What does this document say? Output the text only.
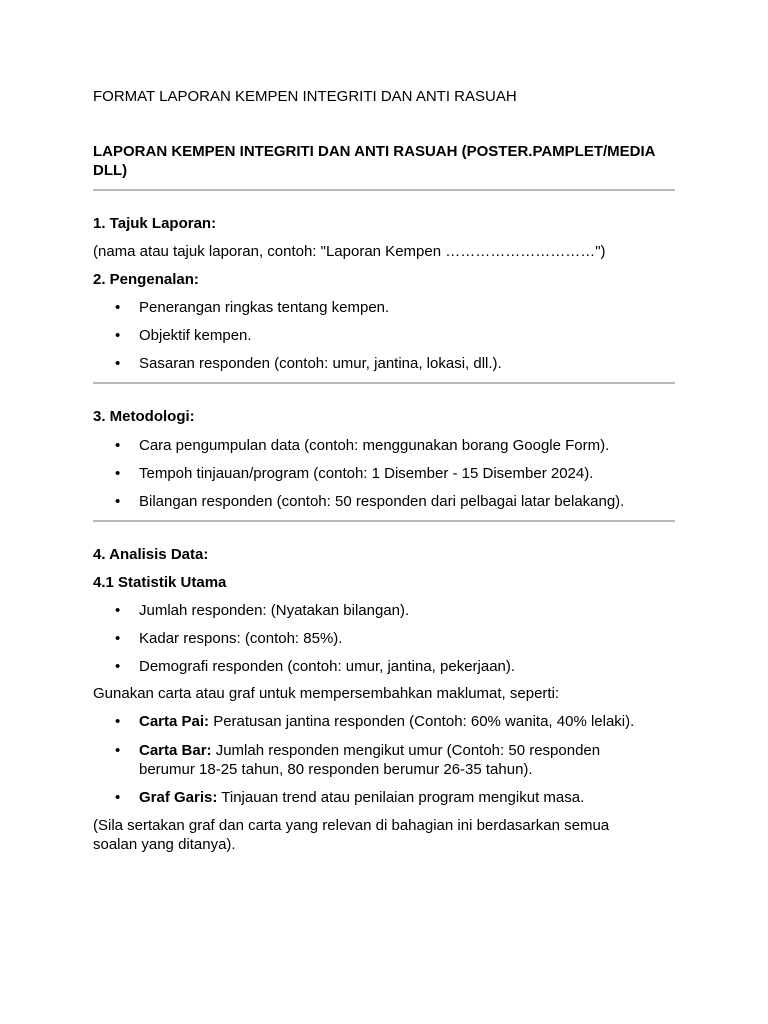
FORMAT LAPORAN KEMPEN INTEGRITI DAN ANTI RASUAH
LAPORAN KEMPEN INTEGRITI DAN ANTI RASUAH (POSTER.PAMPLET/MEDIA DLL)
1. Tajuk Laporan:
(nama atau tajuk laporan, contoh: "Laporan Kempen …………………………")
2. Pengenalan:
•	Penerangan ringkas tentang kempen.
•	Objektif kempen.
•	Sasaran responden (contoh: umur, jantina, lokasi, dll.).
3. Metodologi:
•	Cara pengumpulan data (contoh: menggunakan borang Google Form).
•	Tempoh tinjauan/program (contoh: 1 Disember - 15 Disember 2024).
•	Bilangan responden (contoh: 50 responden dari pelbagai latar belakang).
4. Analisis Data:
4.1 Statistik Utama
•	Jumlah responden: (Nyatakan bilangan).
•	Kadar respons: (contoh: 85%).
•	Demografi responden (contoh: umur, jantina, pekerjaan).
Gunakan carta atau graf untuk mempersembahkan maklumat, seperti:
•	Carta Pai: Peratusan jantina responden (Contoh: 60% wanita, 40% lelaki).
•	Carta Bar: Jumlah responden mengikut umur (Contoh: 50 responden berumur 18-25 tahun, 80 responden berumur 26-35 tahun).
•	Graf Garis: Tinjauan trend atau penilaian program mengikut masa.
(Sila sertakan graf dan carta yang relevan di bahagian ini berdasarkan semua soalan yang ditanya).
